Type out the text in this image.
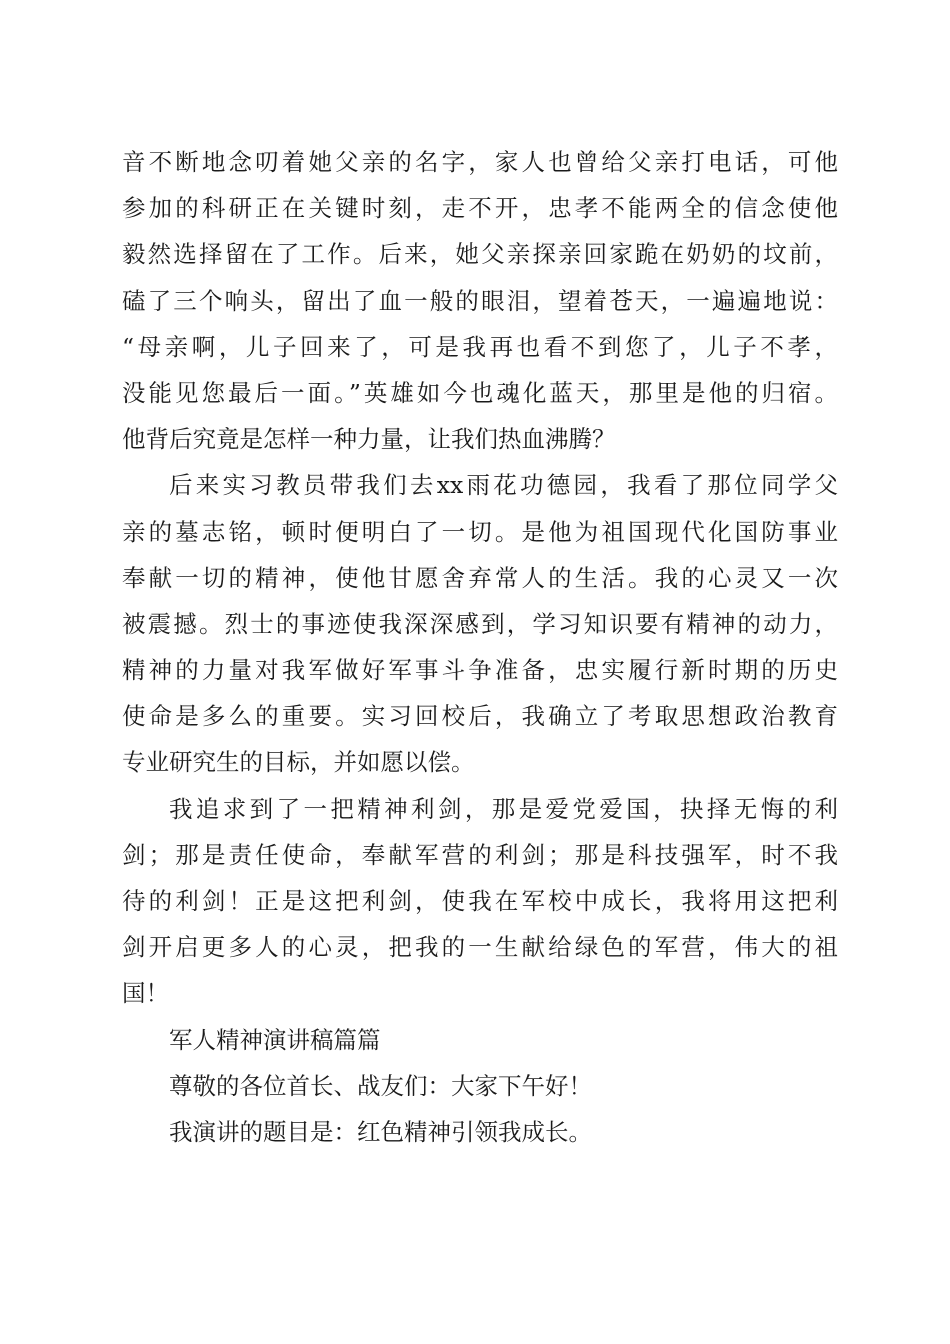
音不断地念叨着她父亲的名字，家人也曾给父亲打电话，可他
参加的科研正在关键时刻，走不开，忠孝不能两全的信念使他
毅然选择留在了工作。后来，她父亲探亲回家跪在奶奶的坟前，
磕了三个响头，留出了血一般的眼泪，望着苍天，一遍遍地说：
“母亲啊，儿子回来了，可是我再也看不到您了，儿子不孝，
没能见您最后一面。”英雄如今也魂化蓝天，那里是他的归宿。
他背后究竟是怎样一种力量，让我们热血沸腾？
后来实习教员带我们去xx雨花功德园，我看了那位同学父
亲的墓志铭，顿时便明白了一切。是他为祖国现代化国防事业
奉献一切的精神，使他甘愿舍弃常人的生活。我的心灵又一次
被震撼。烈士的事迹使我深深感到，学习知识要有精神的动力，
精神的力量对我军做好军事斗争准备，忠实履行新时期的历史
使命是多么的重要。实习回校后，我确立了考取思想政治教育
专业研究生的目标，并如愿以偿。
我追求到了一把精神利剑，那是爱党爱国，抉择无悔的利
剑；那是责任使命，奉献军营的利剑；那是科技强军，时不我
待的利剑！正是这把利剑，使我在军校中成长，我将用这把利
剑开启更多人的心灵，把我的一生献给绿色的军营，伟大的祖
国！
军人精神演讲稿篇篇
尊敬的各位首长、战友们：大家下午好！
我演讲的题目是：红色精神引领我成长。
